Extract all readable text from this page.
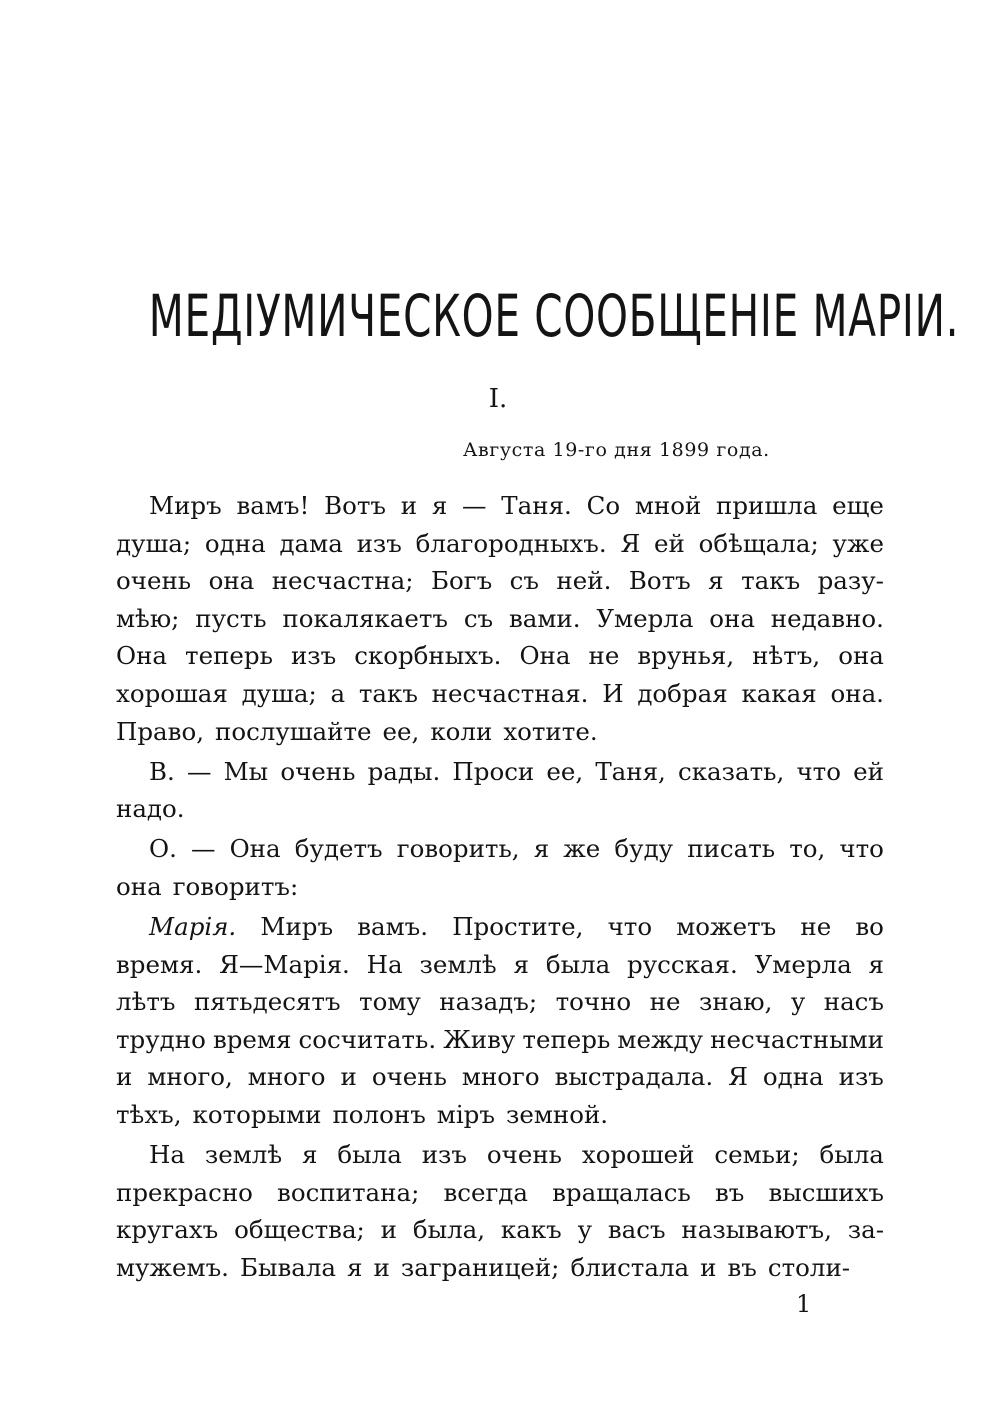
МЕДІУМИЧЕСКОЕ СООБЩЕНІЕ МАРІИ.
I.
Августа 19-го дня 1899 года.
Миръ вамъ! Вотъ и я — Таня. Со мной пришла еще
душа; одна дама изъ благородныхъ. Я ей обѣщала; уже
очень она несчастна; Богъ съ ней. Вотъ я такъ разу-
мѣю; пусть покалякаетъ съ вами. Умерла она недавно.
Она теперь изъ скорбныхъ. Она не врунья, нѣтъ, она
хорошая душа; а такъ несчастная. И добрая какая она.
Право, послушайте ее, коли хотите.
В. — Мы очень рады. Проси ее, Таня, сказать, что ей
надо.
О. — Она будетъ говорить, я же буду писать то, что
она говоритъ:
Марія. Миръ вамъ. Простите, что можетъ не во
время. Я—Марія. На землѣ я была русская. Умерла я
лѣтъ пятьдесятъ тому назадъ; точно не знаю, у насъ
трудно время сосчитать. Живу теперь между несчастными
и много, много и очень много выстрадала. Я одна изъ
тѣхъ, которыми полонъ міръ земной.
На землѣ я была изъ очень хорошей семьи; была
прекрасно воспитана; всегда вращалась въ высшихъ
кругахъ общества; и была, какъ у васъ называютъ, за-
мужемъ. Бывала я и заграницей; блистала и въ столи-
1
